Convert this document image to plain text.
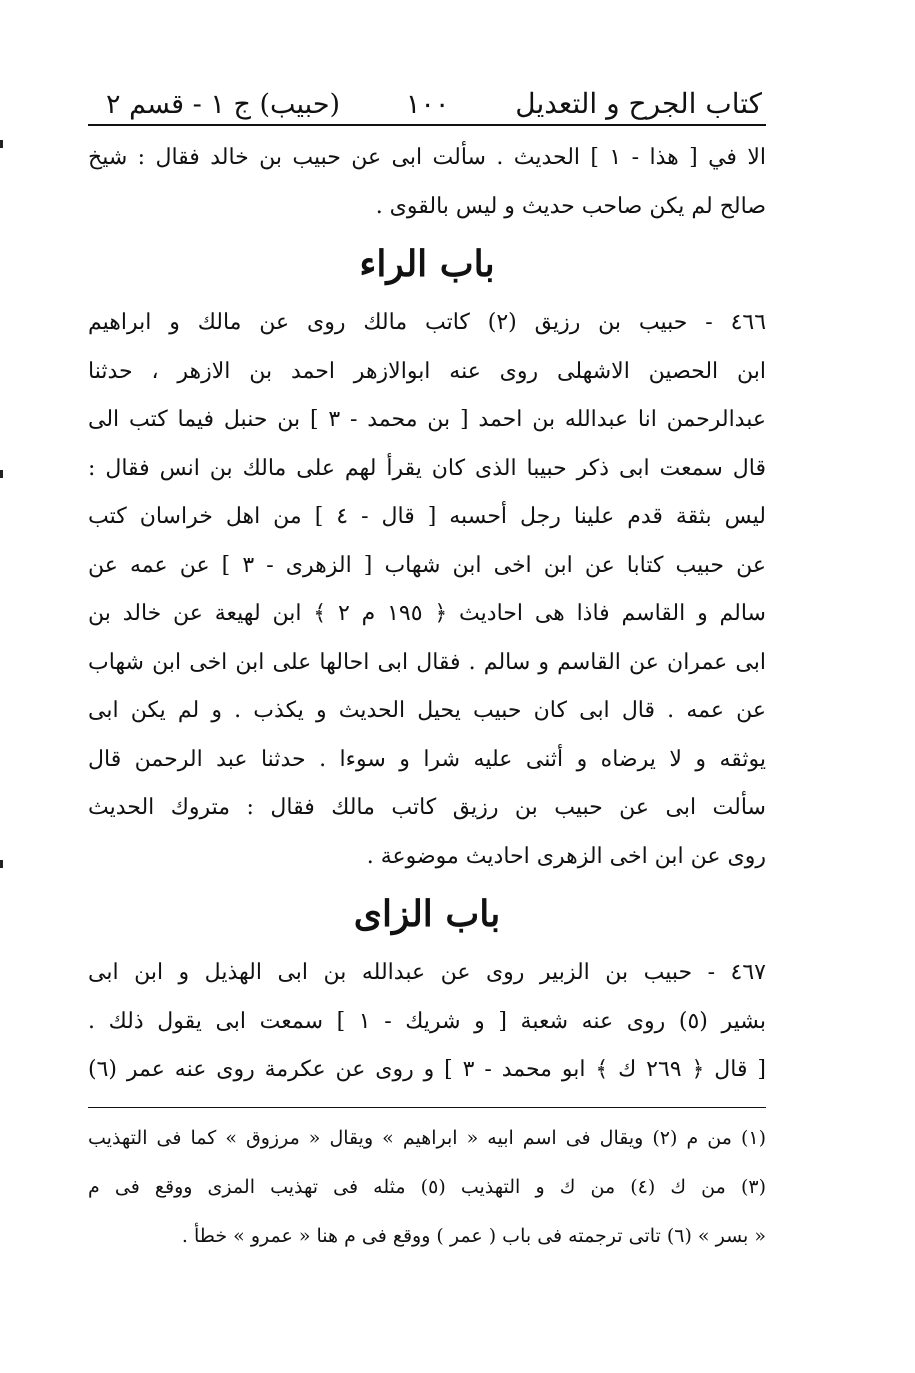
كتاب الجرح و التعديل
١٠٠
(حبيب) ج ١ - قسم ٢
الا في [ هذا - ١ ] الحديث . سألت ابى عن حبيب بن خالد فقال : شيخ
صالح لم يكن صاحب حديث و ليس بالقوى .
باب الراء
٤٦٦ - حبيب بن رزيق (٢) كاتب مالك روى عن مالك و ابراهيم
ابن الحصين الاشهلى روى عنه ابوالازهر احمد بن الازهر ، حدثنا
عبدالرحمن انا عبدالله بن احمد [ بن محمد - ٣ ] بن حنبل فيما كتب الى
قال سمعت ابى ذكر حبيبا الذى كان يقرأ لهم على مالك بن انس فقال :
ليس بثقة قدم علينا رجل أحسبه [ قال - ٤ ] من اهل خراسان كتب
عن حبيب كتابا عن ابن اخى ابن شهاب [ الزهرى - ٣ ] عن عمه عن
سالم و القاسم فاذا هى احاديث ﴿ ١٩٥ م ٢ ﴾ ابن لهيعة عن خالد بن
ابى عمران عن القاسم و سالم . فقال ابى احالها على ابن اخى ابن شهاب
عن عمه . قال ابى كان حبيب يحيل الحديث و يكذب . و لم يكن ابى
يوثقه و لا يرضاه و أثنى عليه شرا و سوءا . حدثنا عبد الرحمن قال
سألت ابى عن حبيب بن رزيق كاتب مالك فقال : متروك الحديث
روى عن ابن اخى الزهرى احاديث موضوعة .
باب الزاى
٤٦٧ - حبيب بن الزبير روى عن عبدالله بن ابى الهذيل و ابن ابى
بشير (٥) روى عنه شعبة [ و شريك - ١ ] سمعت ابى يقول ذلك .
[ قال ﴿ ٢٦٩ ك ﴾ ابو محمد - ٣ ] و روى عن عكرمة روى عنه عمر (٦)
(١) من م (٢) ويقال فى اسم ابيه « ابراهيم » ويقال « مرزوق » كما فى التهذيب
(٣) من ك (٤) من ك و التهذيب (٥) مثله فى تهذيب المزى ووقع فى م
« بسر » (٦) تاتى ترجمته فى باب ( عمر ) ووقع فى م هنا « عمرو » خطأ .
